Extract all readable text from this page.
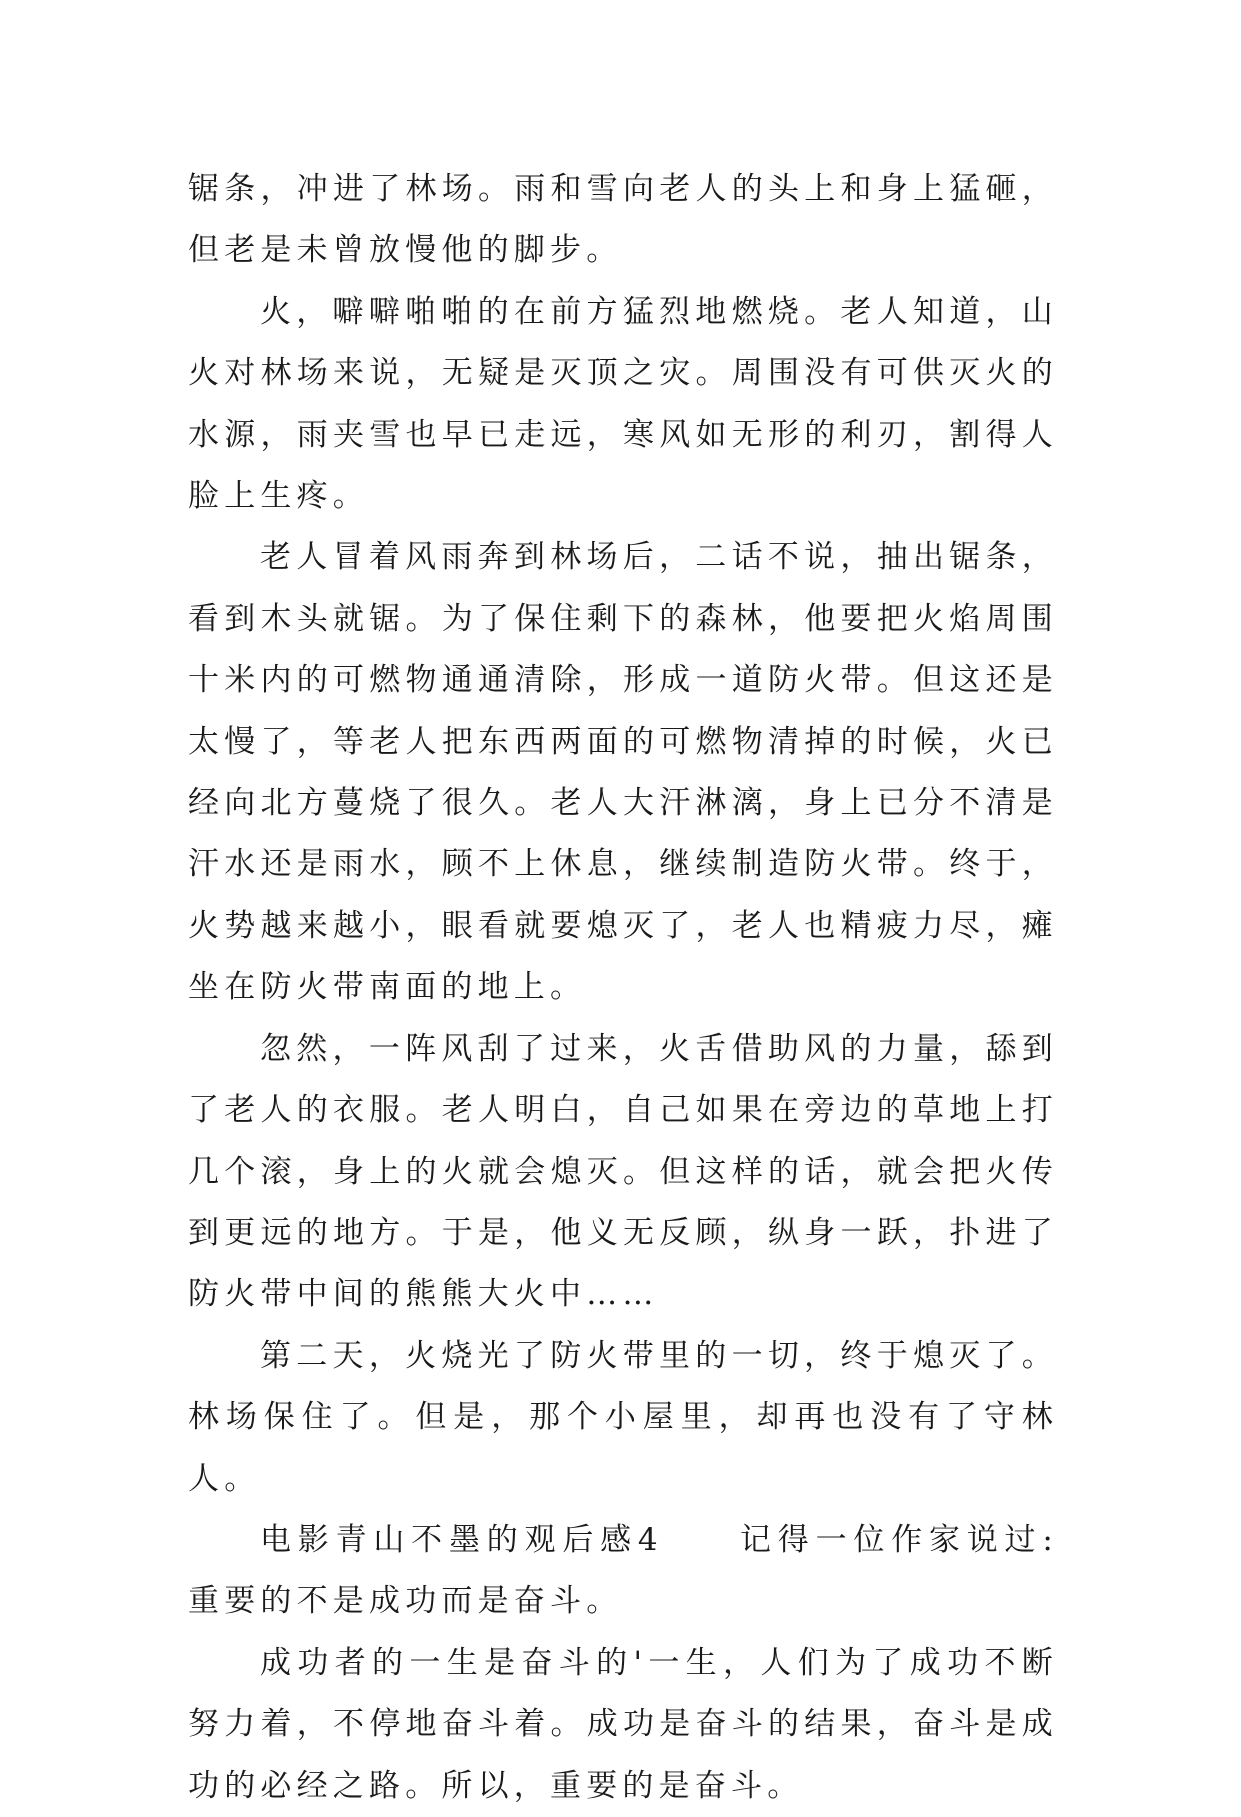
锯条，冲进了林场。雨和雪向老人的头上和身上猛砸，但老是未曾放慢他的脚步。

火，噼噼啪啪的在前方猛烈地燃烧。老人知道，山火对林场来说，无疑是灭顶之灾。周围没有可供灭火的水源，雨夹雪也早已走远，寒风如无形的利刃，割得人脸上生疼。

老人冒着风雨奔到林场后，二话不说，抽出锯条，看到木头就锯。为了保住剩下的森林，他要把火焰周围十米内的可燃物通通清除，形成一道防火带。但这还是太慢了，等老人把东西两面的可燃物清掉的时候，火已经向北方蔓烧了很久。老人大汗淋漓，身上已分不清是汗水还是雨水，顾不上休息，继续制造防火带。终于，火势越来越小，眼看就要熄灭了，老人也精疲力尽，瘫坐在防火带南面的地上。

忽然，一阵风刮了过来，火舌借助风的力量，舔到了老人的衣服。老人明白，自己如果在旁边的草地上打几个滚，身上的火就会熄灭。但这样的话，就会把火传到更远的地方。于是，他义无反顾，纵身一跃，扑进了防火带中间的熊熊大火中……

第二天，火烧光了防火带里的一切，终于熄灭了。林场保住了。但是，那个小屋里，却再也没有了守林人。

电影青山不墨的观后感4　　记得一位作家说过:重要的不是成功而是奋斗。

成功者的一生是奋斗的'一生，人们为了成功不断努力着，不停地奋斗着。成功是奋斗的结果，奋斗是成功的必经之路。所以，重要的是奋斗。
